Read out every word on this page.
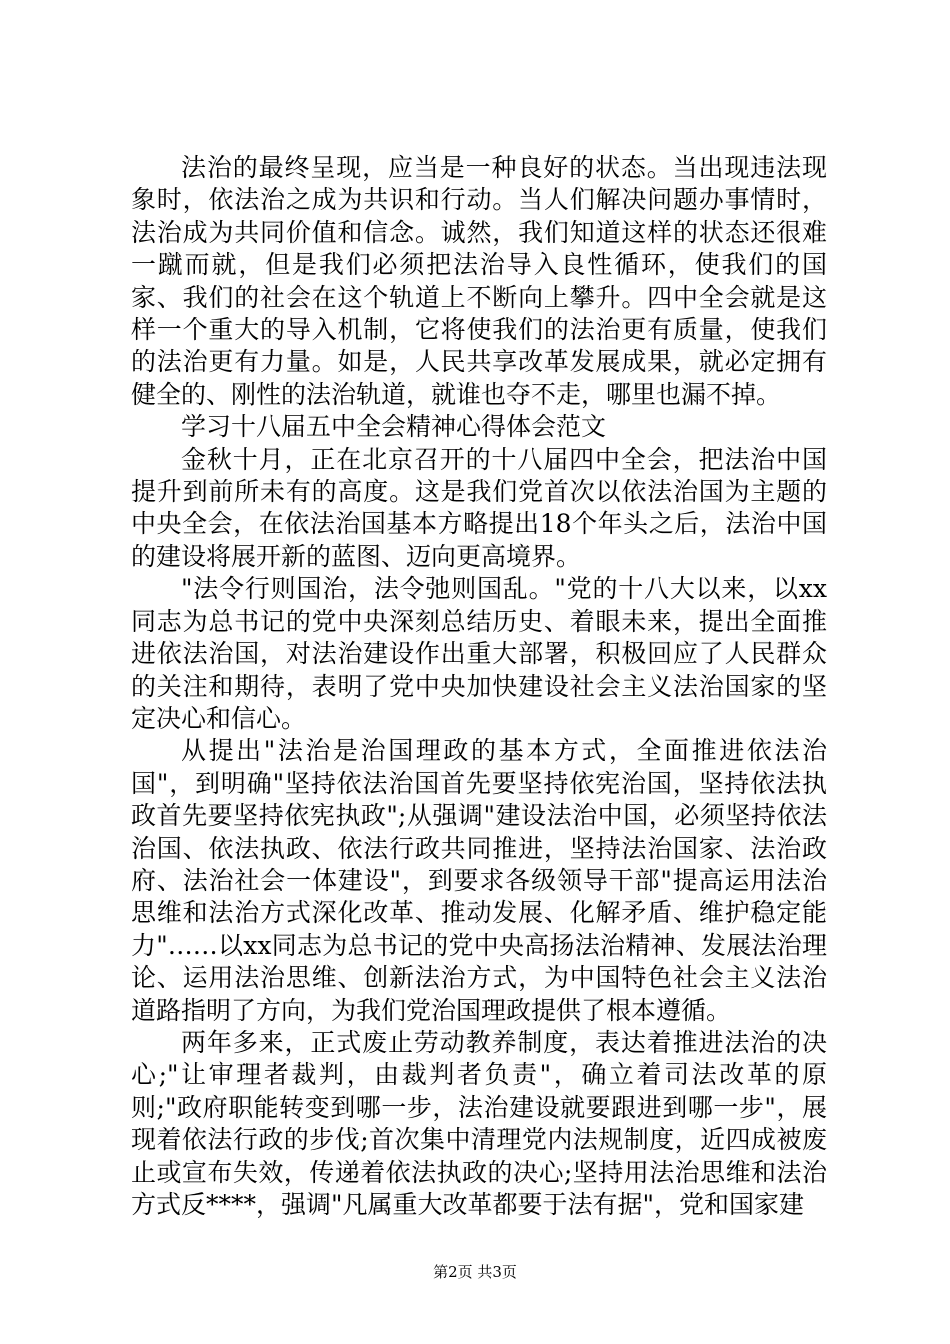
法治的最终呈现，应当是一种良好的状态。当出现违法现象时，依法治之成为共识和行动。当人们解决问题办事情时，法治成为共同价值和信念。诚然，我们知道这样的状态还很难一蹴而就，但是我们必须把法治导入良性循环，使我们的国家、我们的社会在这个轨道上不断向上攀升。四中全会就是这样一个重大的导入机制，它将使我们的法治更有质量，使我们的法治更有力量。如是，人民共享改革发展成果，就必定拥有健全的、刚性的法治轨道，就谁也夺不走，哪里也漏不掉。

学习十八届五中全会精神心得体会范文

金秋十月，正在北京召开的十八届四中全会，把法治中国提升到前所未有的高度。这是我们党首次以依法治国为主题的中央全会，在依法治国基本方略提出18个年头之后，法治中国的建设将展开新的蓝图、迈向更高境界。

"法令行则国治，法令弛则国乱。"党的十八大以来，以xx同志为总书记的党中央深刻总结历史、着眼未来，提出全面推进依法治国，对法治建设作出重大部署，积极回应了人民群众的关注和期待，表明了党中央加快建设社会主义法治国家的坚定决心和信心。

从提出"法治是治国理政的基本方式，全面推进依法治国"，到明确"坚持依法治国首先要坚持依宪治国，坚持依法执政首先要坚持依宪执政";从强调"建设法治中国，必须坚持依法治国、依法执政、依法行政共同推进，坚持法治国家、法治政府、法治社会一体建设"，到要求各级领导干部"提高运用法治思维和法治方式深化改革、推动发展、化解矛盾、维护稳定能力"……以xx同志为总书记的党中央高扬法治精神、发展法治理论、运用法治思维、创新法治方式，为中国特色社会主义法治道路指明了方向，为我们党治国理政提供了根本遵循。

两年多来，正式废止劳动教养制度，表达着推进法治的决心;"让审理者裁判，由裁判者负责"，确立着司法改革的原则;"政府职能转变到哪一步，法治建设就要跟进到哪一步"，展现着依法行政的步伐;首次集中清理党内法规制度，近四成被废止或宣布失效，传递着依法执政的决心;坚持用法治思维和法治方式反****，强调"凡属重大改革都要于法有据"，党和国家建

第2页 共3页
